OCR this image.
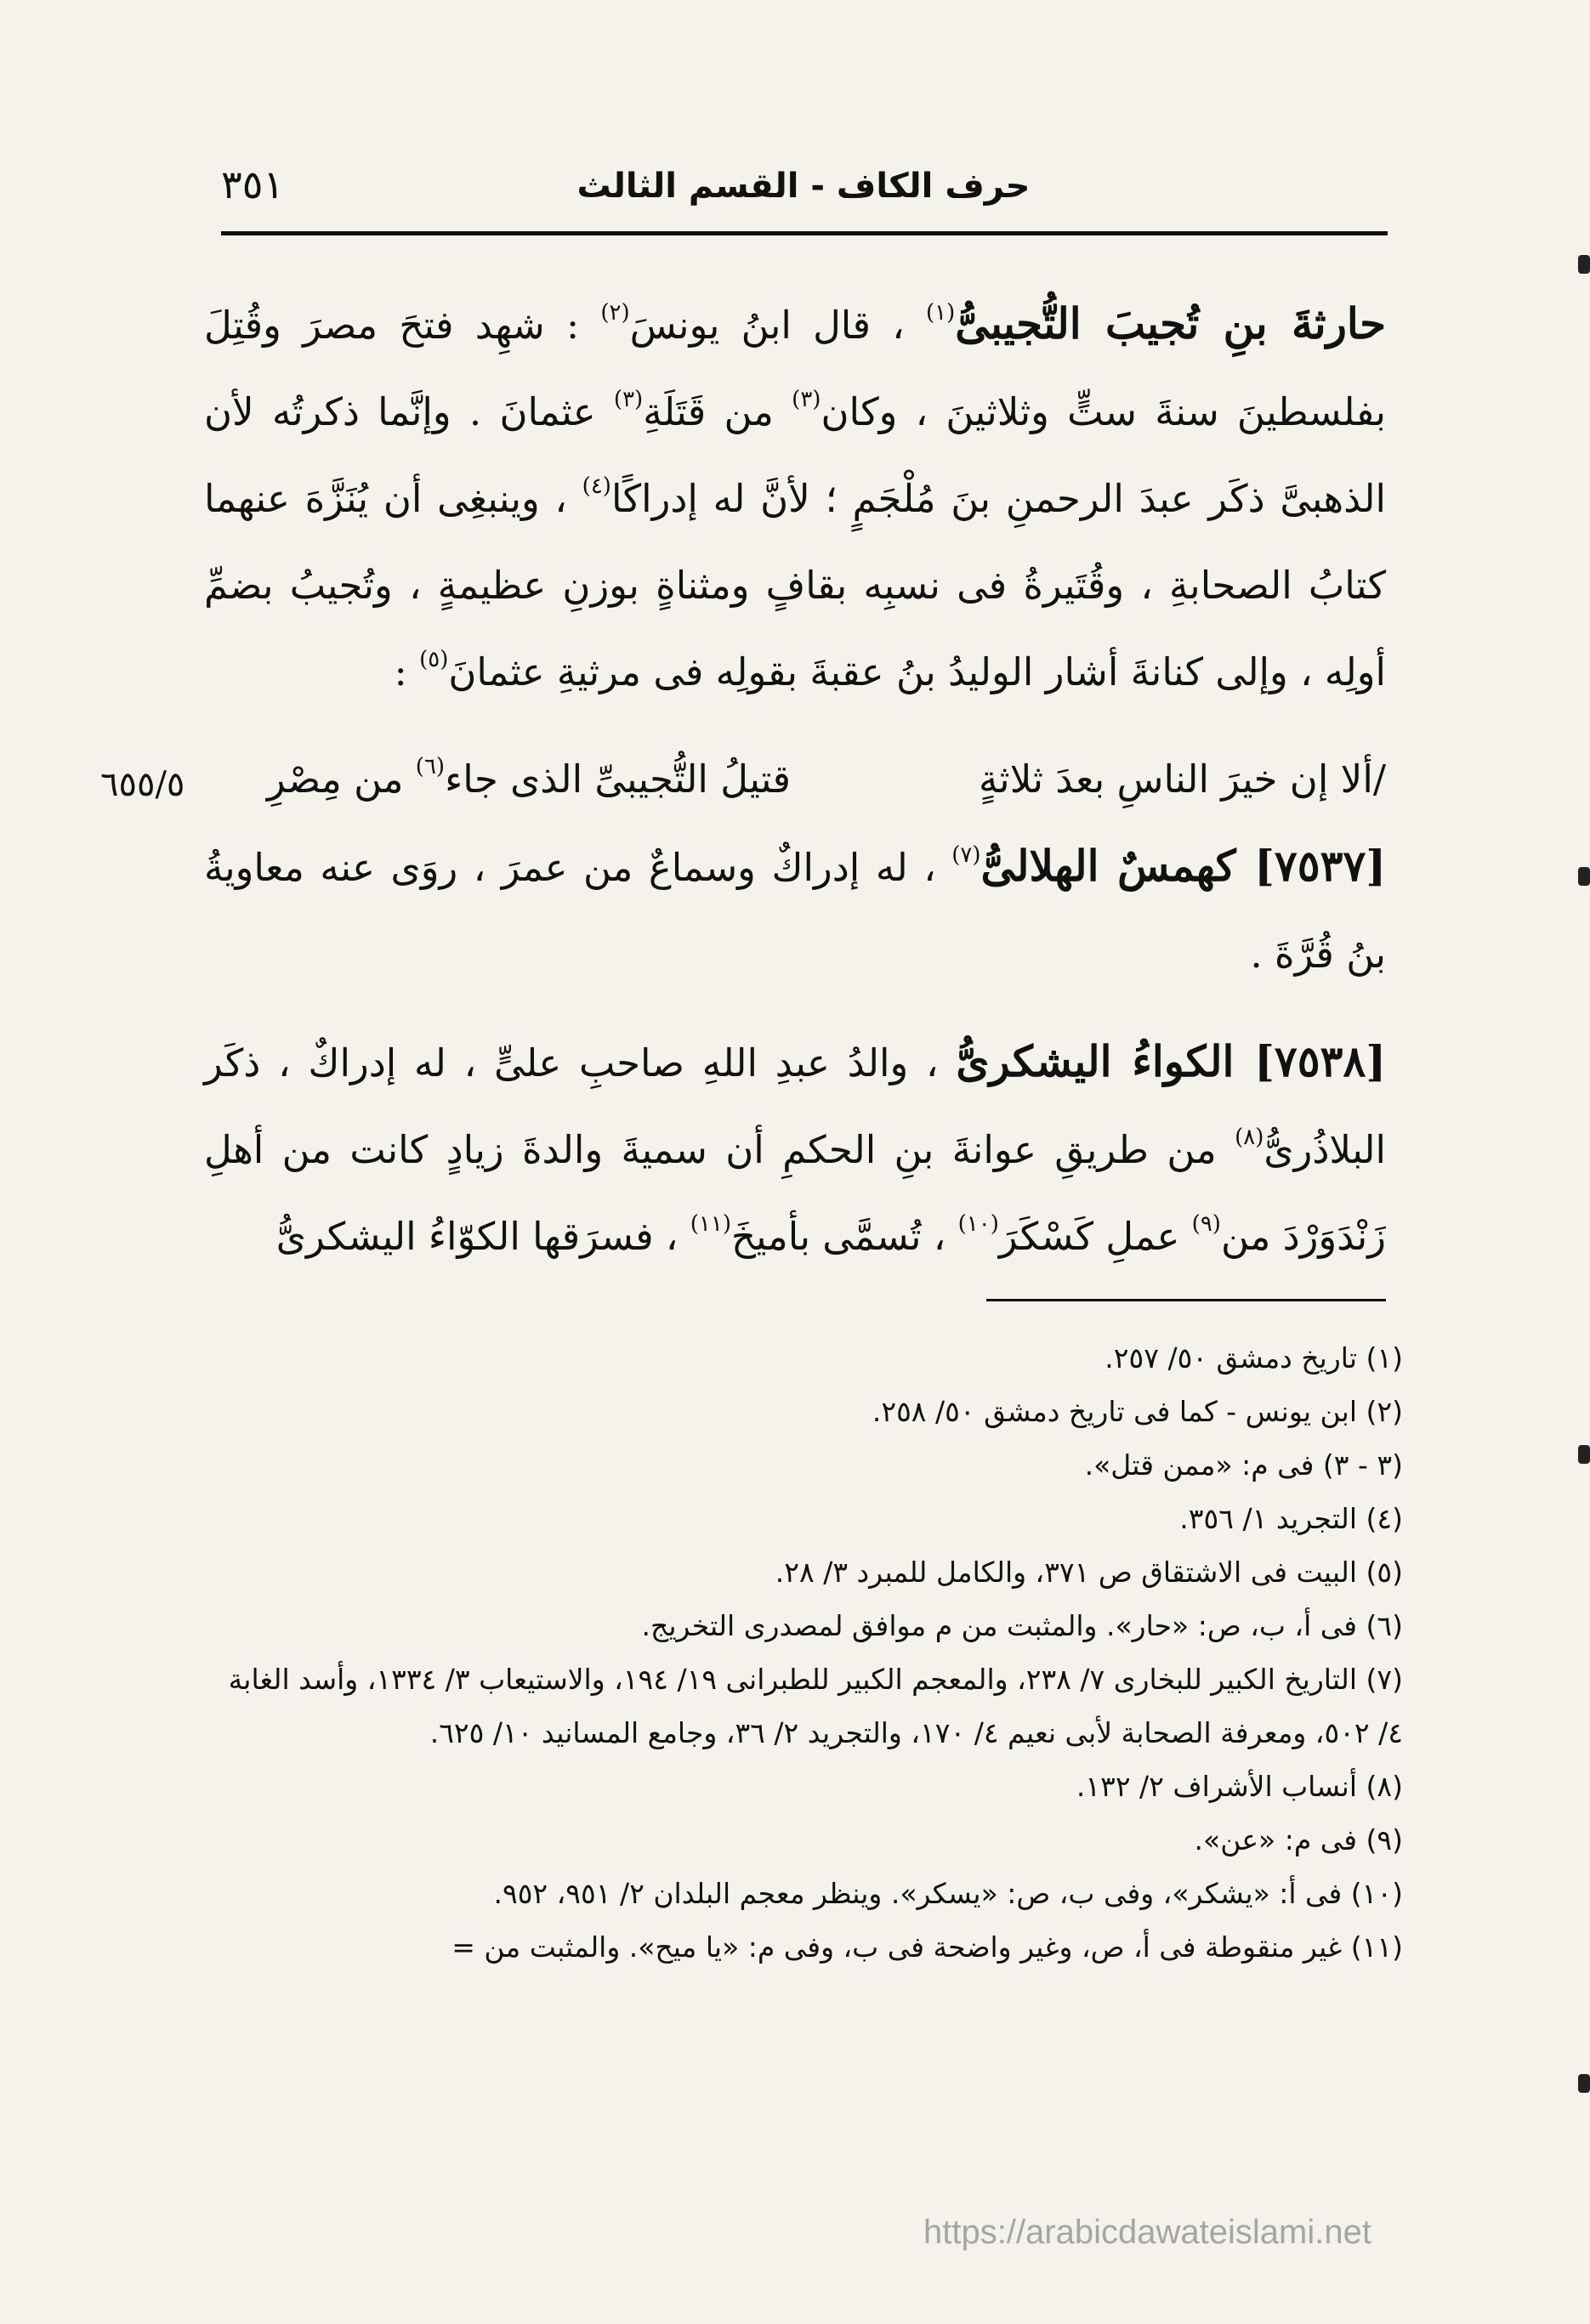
حرف الكاف - القسم الثالث
٣٥١

حارثةَ بنِ تُجيبَ التُّجيبىُّ$^{(١)}$ ، قال ابنُ يونسَ$^{(٢)}$ : شهِد فتحَ مصرَ وقُتِلَ بفلسطينَ سنةَ ستٍّ وثلاثينَ ، وكان$^{(٣)}$ من قَتَلَةِ$^{(٣)}$ عثمانَ . وإنَّما ذكرتُه لأن الذهبىَّ ذكَر عبدَ الرحمنِ بنَ مُلْجَمٍ ؛ لأنَّ له إدراكًا$^{(٤)}$ ، وينبغِى أن يُنَزَّهَ عنهما كتابُ الصحابةِ ، وقُتَيرةُ فى نسبِه بقافٍ ومثناةٍ بوزنِ عظيمةٍ ، وتُجيبُ بضمِّ أولِه ، وإلى كنانةَ أشار الوليدُ بنُ عقبةَ بقولِه فى مرثيةِ عثمانَ$^{(٥)}$ :

/ألا إن خيرَ الناسِ بعدَ ثلاثةٍ
قتيلُ التُّجيبىِّ الذى جاء$^{(٦)}$ من مِصْرِ

[٧٥٣٧] كهمسٌ الهلالىُّ$^{(٧)}$ ، له إدراكٌ وسماعٌ من عمرَ ، روَى عنه معاويةُ بنُ قُرَّةَ .

[٧٥٣٨] الكواءُ اليشكرىُّ ، والدُ عبدِ اللهِ صاحبِ علىٍّ ، له إدراكٌ ، ذكَر البلاذُرىُّ$^{(٨)}$ من طريقِ عوانةَ بنِ الحكمِ أن سميةَ والدةَ زيادٍ كانت من أهلِ زَنْدَوَرْدَ من$^{(٩)}$ عملِ كَسْكَرَ$^{(١٠)}$ ، تُسمَّى بأميخَ$^{(١١)}$ ، فسرَقها الكوّاءُ اليشكرىُّ

٦٥٥/٥

(١) تاريخ دمشق ٥٠/ ٢٥٧.

(٢) ابن يونس - كما فى تاريخ دمشق ٥٠/ ٢٥٨.

(٣ - ٣) فى م: «ممن قتل».

(٤) التجريد ١/ ٣٥٦.

(٥) البيت فى الاشتقاق ص ٣٧١، والكامل للمبرد ٣/ ٢٨.

(٦) فى أ، ب، ص: «حار». والمثبت من م موافق لمصدرى التخريج.

(٧) التاريخ الكبير للبخارى ٧/ ٢٣٨، والمعجم الكبير للطبرانى ١٩/ ١٩٤، والاستيعاب ٣/ ١٣٣٤، وأسد الغابة ٤/ ٥٠٢، ومعرفة الصحابة لأبى نعيم ٤/ ١٧٠، والتجريد ٢/ ٣٦، وجامع المسانيد ١٠/ ٦٢٥.

(٨) أنساب الأشراف ٢/ ١٣٢.

(٩) فى م: «عن».

(١٠) فى أ: «يشكر»، وفى ب، ص: «يسكر». وينظر معجم البلدان ٢/ ٩٥١، ٩٥٢.

(١١) غير منقوطة فى أ، ص، وغير واضحة فى ب، وفى م: «يا ميح». والمثبت من =

https://arabicdawateislami.net
